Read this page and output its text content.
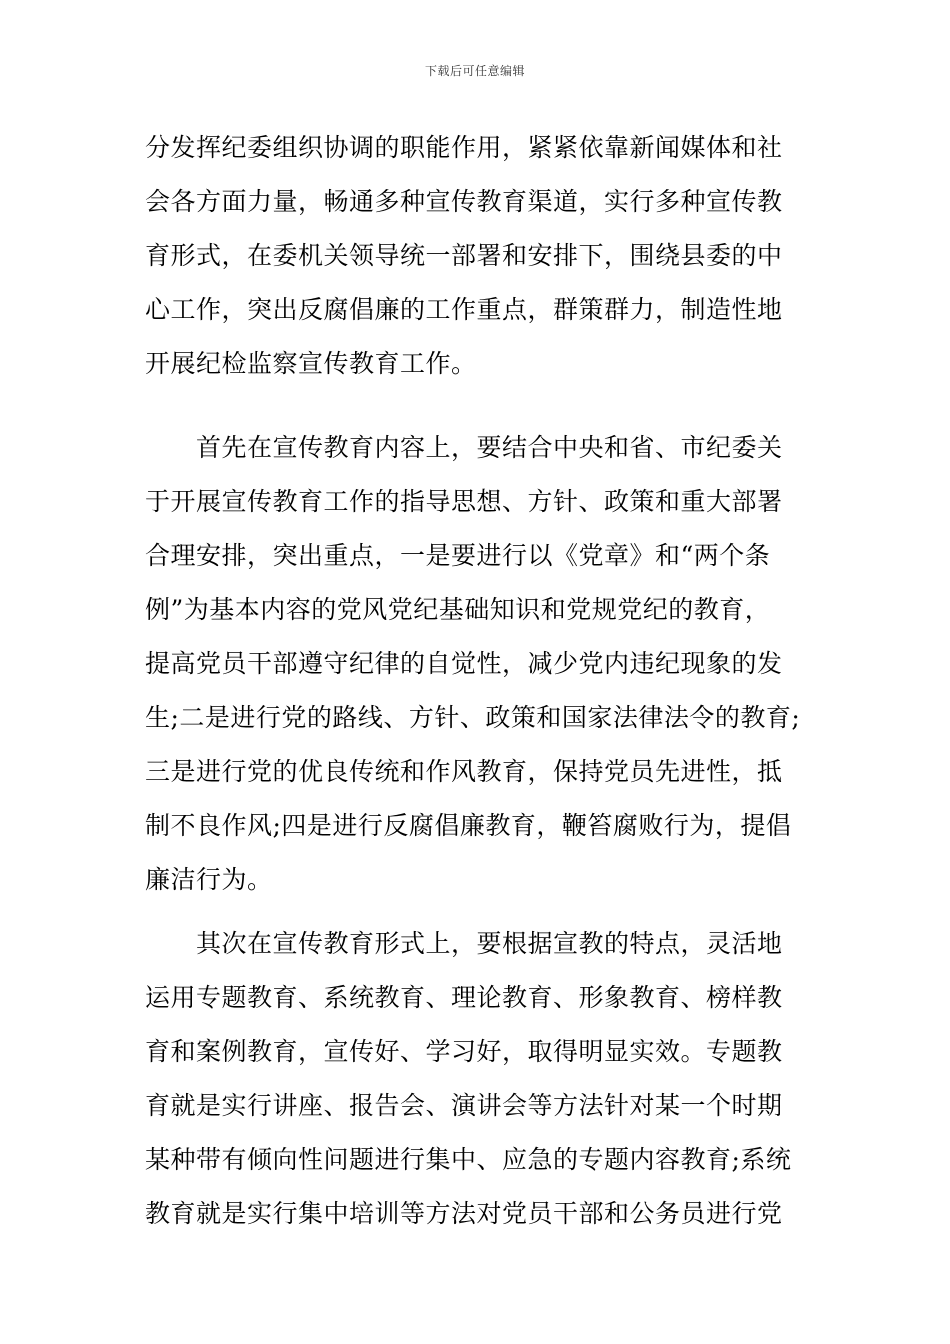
下载后可任意编辑
分发挥纪委组织协调的职能作用，紧紧依靠新闻媒体和社
会各方面力量，畅通多种宣传教育渠道，实行多种宣传教
育形式，在委机关领导统一部署和安排下，围绕县委的中
心工作，突出反腐倡廉的工作重点，群策群力，制造性地
开展纪检监察宣传教育工作。
　　首先在宣传教育内容上，要结合中央和省、市纪委关
于开展宣传教育工作的指导思想、方针、政策和重大部署
合理安排，突出重点，一是要进行以《党章》和“两个条
例”为基本内容的党风党纪基础知识和党规党纪的教育，
提高党员干部遵守纪律的自觉性，减少党内违纪现象的发
生;二是进行党的路线、方针、政策和国家法律法令的教育;
三是进行党的优良传统和作风教育，保持党员先进性，抵
制不良作风;四是进行反腐倡廉教育，鞭笞腐败行为，提倡
廉洁行为。
　　其次在宣传教育形式上，要根据宣教的特点，灵活地
运用专题教育、系统教育、理论教育、形象教育、榜样教
育和案例教育，宣传好、学习好，取得明显实效。专题教
育就是实行讲座、报告会、演讲会等方法针对某一个时期
某种带有倾向性问题进行集中、应急的专题内容教育;系统
教育就是实行集中培训等方法对党员干部和公务员进行党
